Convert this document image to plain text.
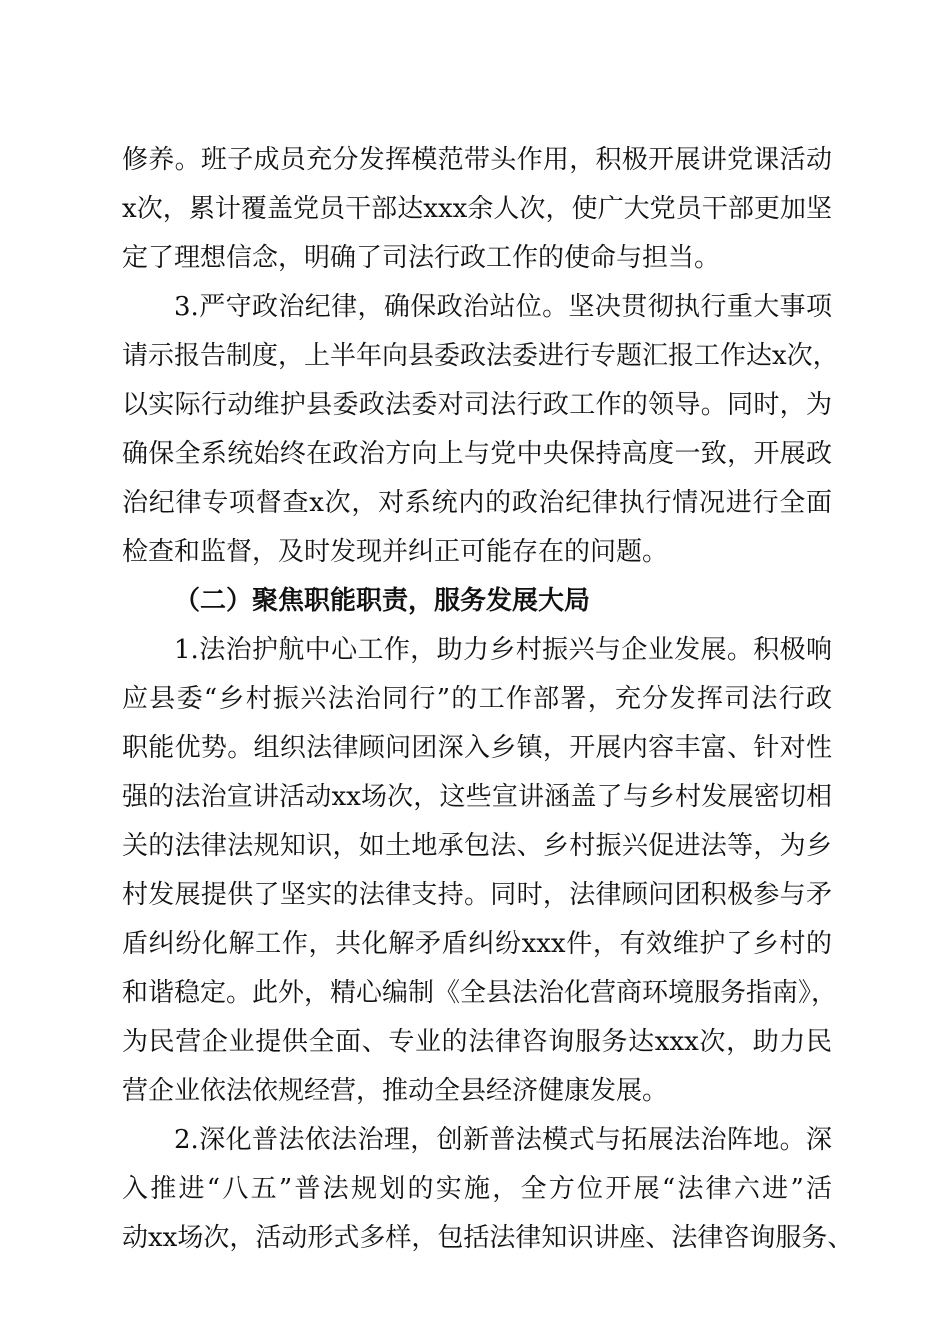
修养。班子成员充分发挥模范带头作用，积极开展讲党课活动
x次，累计覆盖党员干部达xxx余人次，使广大党员干部更加坚
定了理想信念，明确了司法行政工作的使命与担当。
3.严守政治纪律，确保政治站位。坚决贯彻执行重大事项
请示报告制度，上半年向县委政法委进行专题汇报工作达x次，
以实际行动维护县委政法委对司法行政工作的领导。同时，为
确保全系统始终在政治方向上与党中央保持高度一致，开展政
治纪律专项督查x次，对系统内的政治纪律执行情况进行全面
检查和监督，及时发现并纠正可能存在的问题。
（二）聚焦职能职责，服务发展大局
1.法治护航中心工作，助力乡村振兴与企业发展。积极响
应县委“乡村振兴法治同行”的工作部署，充分发挥司法行政
职能优势。组织法律顾问团深入乡镇，开展内容丰富、针对性
强的法治宣讲活动xx场次，这些宣讲涵盖了与乡村发展密切相
关的法律法规知识，如土地承包法、乡村振兴促进法等，为乡
村发展提供了坚实的法律支持。同时，法律顾问团积极参与矛
盾纠纷化解工作，共化解矛盾纠纷xxx件，有效维护了乡村的
和谐稳定。此外，精心编制《全县法治化营商环境服务指南》，
为民营企业提供全面、专业的法律咨询服务达xxx次，助力民
营企业依法依规经营，推动全县经济健康发展。
2.深化普法依法治理，创新普法模式与拓展法治阵地。深
入推进“八五”普法规划的实施，全方位开展“法律六进”活
动xx场次，活动形式多样，包括法律知识讲座、法律咨询服务、
